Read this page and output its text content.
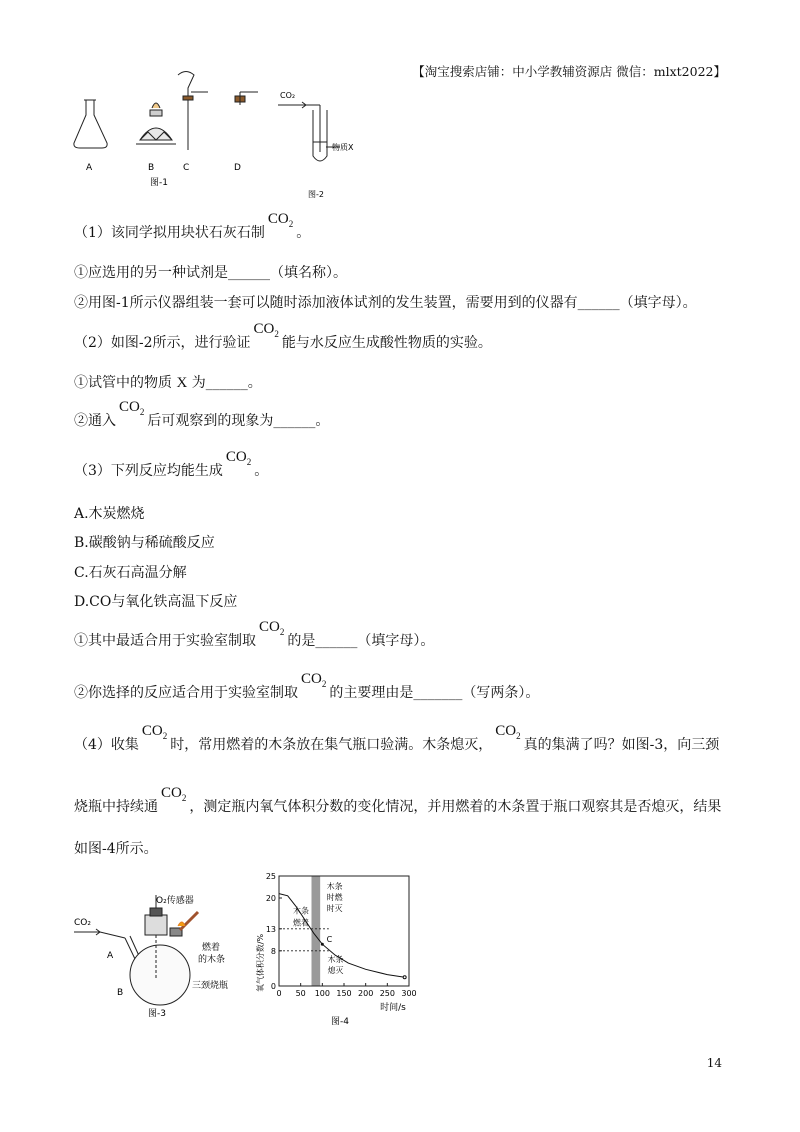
【淘宝搜索店铺：中小学教辅资源店 微信：mlxt2022】
A	B	C	D
图-1
CO₂
物质X
图-2
（1）该同学拟用块状石灰石制$CO_2$。
①应选用的另一种试剂是______（填名称）。
②用图-1所示仪器组装一套可以随时添加液体试剂的发生装置，需要用到的仪器有______（填字母）。
（2）如图-2所示，进行验证$CO_2$能与水反应生成酸性物质的实验。
①试管中的物质 X 为______。
②通入$CO_2$后可观察到的现象为______。
（3）下列反应均能生成$CO_2$。
A.木炭燃烧
B.碳酸钠与稀硫酸反应
C.石灰石高温分解
D.CO与氧化铁高温下反应
①其中最适合用于实验室制取$CO_2$的是______（填字母）。
②你选择的反应适合用于实验室制取$CO_2$的主要理由是_______（写两条）。
（4）收集$CO_2$时，常用燃着的木条放在集气瓶口验满。木条熄灭，$CO_2$真的集满了吗？如图-3，向三颈
烧瓶中持续通$CO_2$，测定瓶内氧气体积分数的变化情况，并用燃着的木条置于瓶口观察其是否熄灭，结果
如图-4所示。
CO₂
O₂传感器
A
B
燃着
的木条
三颈烧瓶
图-3
25
20
13
8
0
0 50 100 150 200 250 300
木条
燃着
木条
时燃
时灭
C
木条
熄灭
氧气体积分数/%
时间/s
图-4
14
